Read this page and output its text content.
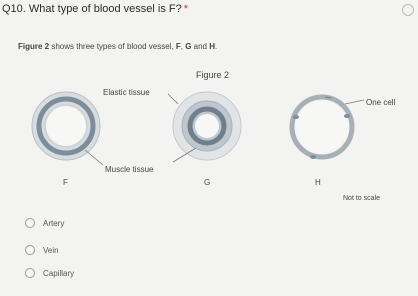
Q10. What type of blood vessel is F? *
Figure 2 shows three types of blood vessel, F, G and H.
Figure 2
Elastic tissue
One cell
Muscle tissue
F	G	H
Not to scale
Artery
Vein
Capillary
